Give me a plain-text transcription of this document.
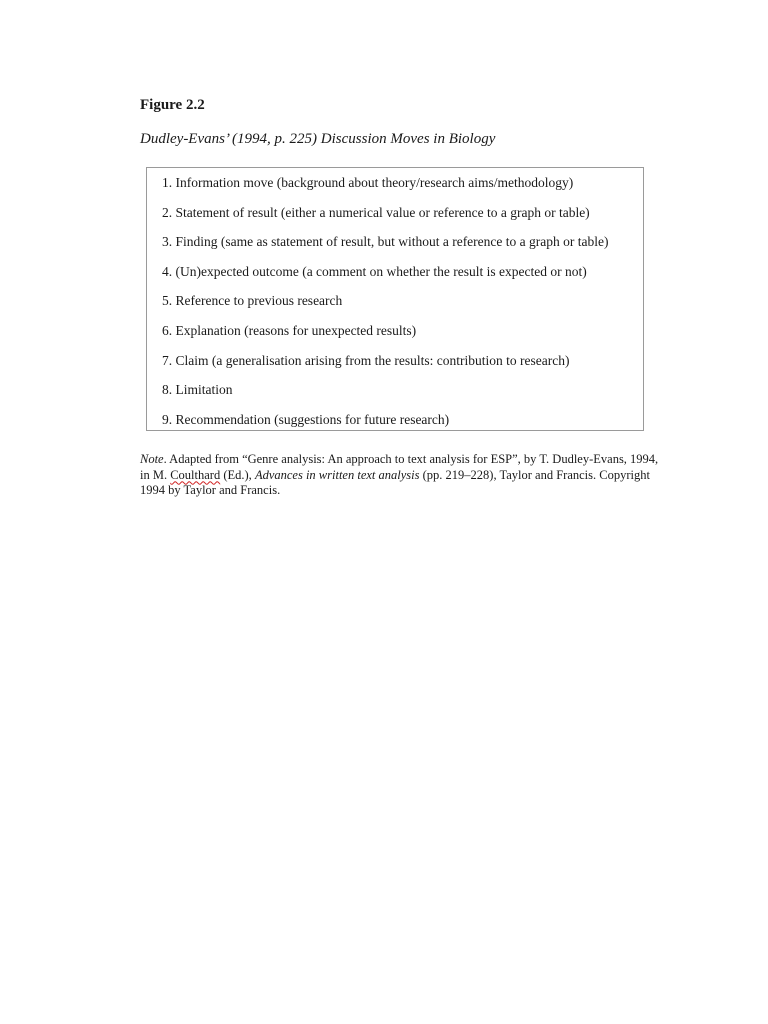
Figure 2.2
Dudley-Evans’ (1994, p. 225) Discussion Moves in Biology
1. Information move (background about theory/research aims/methodology)
2. Statement of result (either a numerical value or reference to a graph or table)
3. Finding (same as statement of result, but without a reference to a graph or table)
4. (Un)expected outcome (a comment on whether the result is expected or not)
5. Reference to previous research
6. Explanation (reasons for unexpected results)
7. Claim (a generalisation arising from the results: contribution to research)
8. Limitation
9. Recommendation (suggestions for future research)

Note. Adapted from “Genre analysis: An approach to text analysis for ESP”, by T. Dudley-Evans, 1994, in M. Coulthard (Ed.), Advances in written text analysis (pp. 219–228), Taylor and Francis. Copyright 1994 by Taylor and Francis.
